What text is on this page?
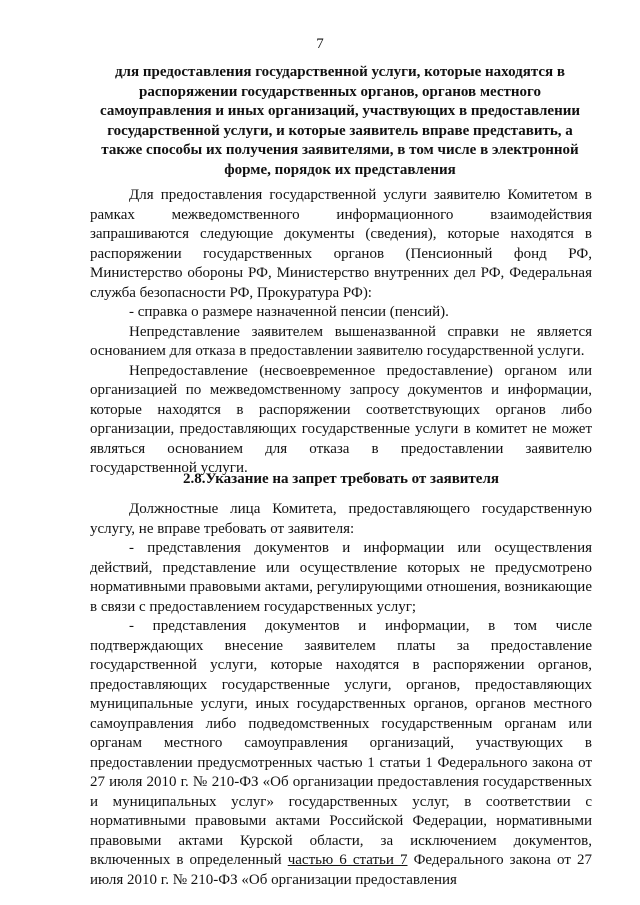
7
для предоставления государственной услуги, которые находятся в распоряжении государственных органов, органов местного самоуправления и иных организаций, участвующих в предоставлении государственной услуги, и которые заявитель вправе представить, а также способы их получения заявителями, в том числе в электронной форме, порядок их представления

Для предоставления государственной услуги заявителю Комитетом в рамках межведомственного информационного взаимодействия запрашиваются следующие документы (сведения), которые находятся в распоряжении государственных органов (Пенсионный фонд РФ, Министерство обороны РФ, Министерство внутренних дел РФ, Федеральная служба безопасности РФ, Прокуратура РФ):

- справка о размере назначенной пенсии (пенсий).

Непредставление заявителем вышеназванной справки не является основанием для отказа в предоставлении заявителю государственной услуги.

Непредоставление (несвоевременное предоставление) органом или организацией по межведомственному запросу документов и информации, которые находятся в распоряжении соответствующих органов либо организации, предоставляющих государственные услуги в комитет не может являться основанием для отказа в предоставлении заявителю государственной услуги.

2.8.Указание на запрет требовать от заявителя

Должностные лица Комитета, предоставляющего государственную услугу, не вправе требовать от заявителя:

- представления документов и информации или осуществления действий, представление или осуществление которых не предусмотрено нормативными правовыми актами, регулирующими отношения, возникающие в связи с предоставлением государственных услуг;

- представления документов и информации, в том числе подтверждающих внесение заявителем платы за предоставление государственной услуги, которые находятся в распоряжении органов, предоставляющих государственные услуги, органов, предоставляющих муниципальные услуги, иных государственных органов, органов местного самоуправления либо подведомственных государственным органам или органам местного самоуправления организаций, участвующих в предоставлении предусмотренных частью 1 статьи 1 Федерального закона от 27 июля 2010 г. № 210-ФЗ «Об организации предоставления государственных и муниципальных услуг» государственных услуг, в соответствии с нормативными правовыми актами Российской Федерации, нормативными правовыми актами Курской области, за исключением документов, включенных в определенный частью 6 статьи 7 Федерального закона от 27 июля 2010 г. № 210-ФЗ «Об организации предоставления
